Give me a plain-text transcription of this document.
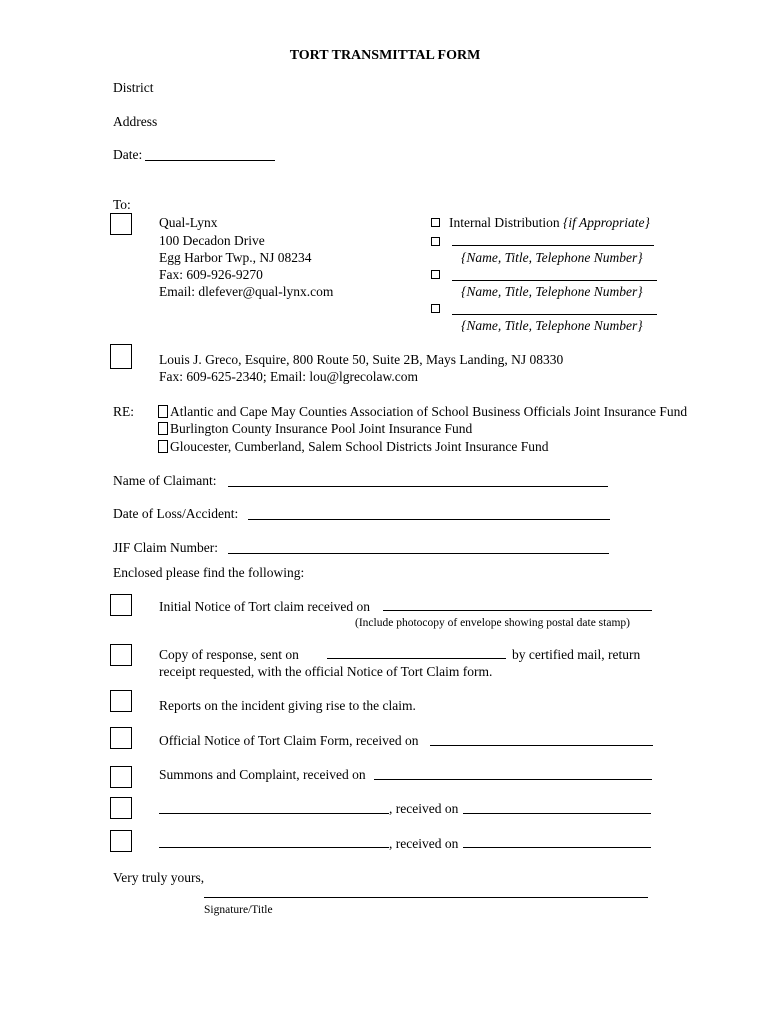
TORT TRANSMITTAL FORM
District
Address
Date:
To:
Qual-Lynx
100 Decadon Drive
Egg Harbor Twp., NJ 08234
Fax: 609-926-9270
Email: dlefever@qual-lynx.com
Internal Distribution {if Appropriate}
{Name, Title, Telephone Number}
{Name, Title, Telephone Number}
{Name, Title, Telephone Number}
Louis J. Greco, Esquire, 800 Route 50, Suite 2B, Mays Landing, NJ 08330
Fax: 609-625-2340; Email: lou@lgrecolaw.com
RE:	Atlantic and Cape May Counties Association of School Business Officials Joint Insurance Fund
Burlington County Insurance Pool Joint Insurance Fund
Gloucester, Cumberland, Salem School Districts Joint Insurance Fund
Name of Claimant:
Date of Loss/Accident:
JIF Claim Number:
Enclosed please find the following:
Initial Notice of Tort claim received on
(Include photocopy of envelope showing postal date stamp)
Copy of response, sent on	by certified mail, return
receipt requested, with the official Notice of Tort Claim form.
Reports on the incident giving rise to the claim.
Official Notice of Tort Claim Form, received on
Summons and Complaint, received on
, received on
, received on
Very truly yours,
Signature/Title
